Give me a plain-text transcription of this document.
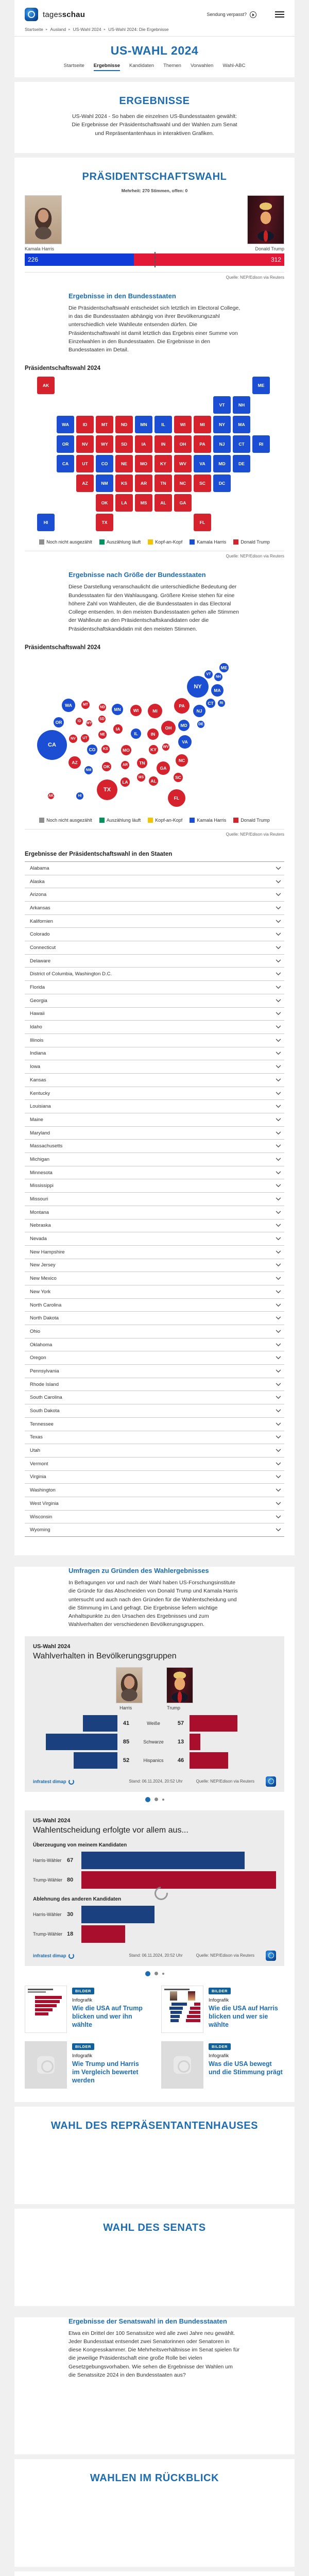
tagesschau	Sendung verpasst?
Startseite ▸ Ausland ▸ US-Wahl 2024 ▸ US-Wahl 2024: Die Ergebnisse
US-WAHL 2024
Startseite Ergebnisse Kandidaten Themen Vorwahlen Wahl-ABC
ERGEBNISSE
US-Wahl 2024 - So haben die einzelnen US-Bundesstaaten gewählt: Die Ergebnisse der Präsidentschaftswahl und der Wahlen zum Senat und Repräsentantenhaus in interaktiven Grafiken.
PRÄSIDENTSCHAFTSWAHL
Mehrheit: 270 Stimmen, offen: 0
Kamala Harris	Donald Trump
226	312
Quelle: NEP/Edison via Reuters
Ergebnisse in den Bundesstaaten
Die Präsidentschaftswahl entscheidet sich letztlich im Electoral College, in das die Bundesstaaten abhängig von ihrer Bevölkerungszahl unterschiedlich viele Wahlleute entsenden dürfen. Die Präsidentschaftswahl ist damit letztlich das Ergebnis einer Summe von Einzelwahlen in den Bundesstaaten. Die Ergebnisse in den Bundesstaaten im Detail.
Präsidentschaftswahl 2024
AK	ME
VT	NH
WA	ID	MT	ND	MN	IL	WI	MI	NY	MA
OR	NV	WY	SD	IA	IN	OH	PA	NJ	CT	RI
CA	UT	CO	NE	MO	KY	WV	VA	MD	DE
AZ	NM	KS	AR	TN	NC	SC	DC
OK	LA	MS	AL	GA
HI	TX	FL
Noch nicht ausgezählt	Auszählung läuft	Kopf-an-Kopf	Kamala Harris	Donald Trump
Quelle: NEP/Edison via Reuters
Ergebnisse nach Größe der Bundesstaaten
Diese Darstellung veranschaulicht die unterschiedliche Bedeutung der Bundesstaaten für den Wahlausgang. Größere Kreise stehen für eine höhere Zahl von Wahlleuten, die die Bundesstaaten in das Electoral College entsenden. In den meisten Bundesstaaten gehen alle Stimmen der Wahlleute an den Präsidentschaftskandidaten oder die Präsidentschaftskandidatin mit den meisten Stimmen.
Präsidentschaftswahl 2024
ME
VT
NH
NY
MA
WA	MT
ND MN	WI	MI
PA
NJ
CT RI
OR	ID
WY
SD
IA	OH MD	DE
CA
NV UT
NE	IL	IN
VA
CO KS	MO	KY WV
AZ
NM
OK	AR	TN	NC
GA
SC
MS
AL
LA
TX
FL
AK	HI
Noch nicht ausgezählt	Auszählung läuft	Kopf-an-Kopf	Kamala Harris	Donald Trump
Quelle: NEP/Edison via Reuters
Ergebnisse der Präsidentschaftswahl in den Staaten
Alabama
Alaska
Arizona
Arkansas
Kalifornien
Colorado
Connecticut
Delaware
District of Columbia, Washington D.C.
Florida
Georgia
Hawaii
Idaho
Illinois
Indiana
Iowa
Kansas
Kentucky
Louisiana
Maine
Maryland
Massachusetts
Michigan
Minnesota
Mississippi
Missouri
Montana
Nebraska
Nevada
New Hampshire
New Jersey
New Mexico
New York
North Carolina
North Dakota
Ohio
Oklahoma
Oregon
Pennsylvania
Rhode Island
South Carolina
South Dakota
Tennessee
Texas
Utah
Vermont
Virginia
Washington
West Virginia
Wisconsin
Wyoming
Umfragen zu Gründen des Wahlergebnisses
In Befragungen vor und nach der Wahl haben US-Forschungsinstitute die Gründe für das Abschneiden von Donald Trump und Kamala Harris untersucht und auch nach den Gründen für die Wahlentscheidung und die Stimmung im Land gefragt. Die Ergebnisse liefern wichtige Anhaltspunkte zu den Ursachen des Ergebnisses und zum Wahlverhalten der verschiedenen Bevölkerungsgruppen.
US-Wahl 2024
Wahlverhalten in Bevölkerungsgruppen
Harris	Trump
41	Weiße	57
85	Schwarze	13
52	Hispanics	46
infratest dimap	Stand: 06.11.2024, 20:52 Uhr	Quelle: NEP/Edison via Reuters
US-Wahl 2024
Wahlentscheidung erfolgte vor allem aus...
Überzeugung von meinem Kandidaten
Harris-Wähler 67
Trump-Wähler 80
Ablehnung des anderen Kandidaten
Harris-Wähler 30
Trump-Wähler 18
infratest dimap	Stand: 06.11.2024, 20:52 Uhr	Quelle: NEP/Edison via Reuters
BILDER
Infografik
Wie die USA auf Trump blicken und wer ihn wählte
BILDER
Infografik
Wie die USA auf Harris blicken und wer sie wählte
BILDER
Infografik
Wie Trump und Harris im Vergleich bewertet werden
BILDER
Infografik
Was die USA bewegt und die Stimmung prägt
WAHL DES REPRÄSENTANTENHAUSES
WAHL DES SENATS
Ergebnisse der Senatswahl in den Bundesstaaten
Etwa ein Drittel der 100 Senatssitze wird alle zwei Jahre neu gewählt. Jeder Bundesstaat entsendet zwei Senatorinnen oder Senatoren in diese Kongresskammer. Die Mehrheitsverhältnisse im Senat spielen für die jeweilige Präsidentschaft eine große Rolle bei vielen Gesetzgebungsvorhaben. Wie sehen die Ergebnisse der Wahlen um die Senatssitze 2024 in den Bundesstaaten aus?
WAHLEN IM RÜCKBLICK
